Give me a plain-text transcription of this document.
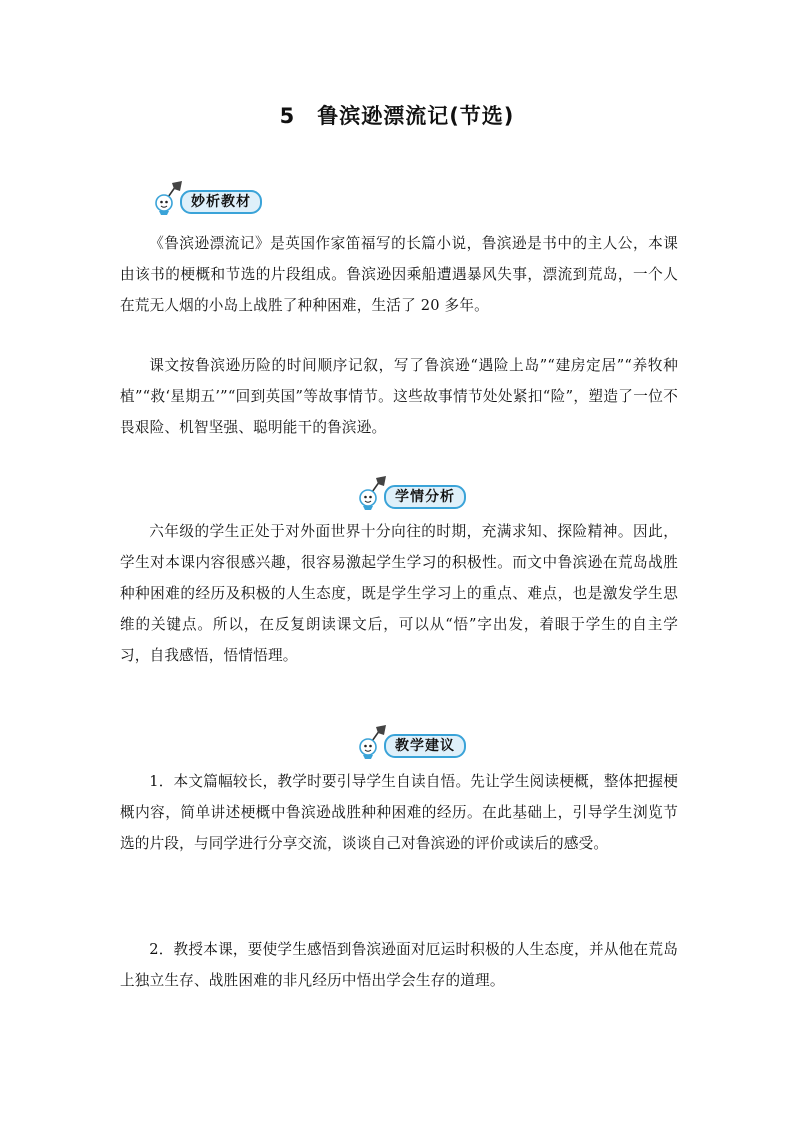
5 鲁滨逊漂流记(节选)
妙析教材

《鲁滨逊漂流记》是英国作家笛福写的长篇小说，鲁滨逊是书中的主人公，本课由该书的梗概和节选的片段组成。鲁滨逊因乘船遭遇暴风失事，漂流到荒岛，一个人在荒无人烟的小岛上战胜了种种困难，生活了 20 多年。

课文按鲁滨逊历险的时间顺序记叙，写了鲁滨逊“遇险上岛”“建房定居”“养牧种植”“救‘星期五’”“回到英国”等故事情节。这些故事情节处处紧扣“险”，塑造了一位不畏艰险、机智坚强、聪明能干的鲁滨逊。

学情分析

六年级的学生正处于对外面世界十分向往的时期，充满求知、探险精神。因此，学生对本课内容很感兴趣，很容易激起学生学习的积极性。而文中鲁滨逊在荒岛战胜种种困难的经历及积极的人生态度，既是学生学习上的重点、难点，也是激发学生思维的关键点。所以，在反复朗读课文后，可以从“悟”字出发，着眼于学生的自主学习，自我感悟，悟情悟理。

教学建议

1．本文篇幅较长，教学时要引导学生自读自悟。先让学生阅读梗概，整体把握梗概内容，简单讲述梗概中鲁滨逊战胜种种困难的经历。在此基础上，引导学生浏览节选的片段，与同学进行分享交流，谈谈自己对鲁滨逊的评价或读后的感受。

2．教授本课，要使学生感悟到鲁滨逊面对厄运时积极的人生态度，并从他在荒岛上独立生存、战胜困难的非凡经历中悟出学会生存的道理。
